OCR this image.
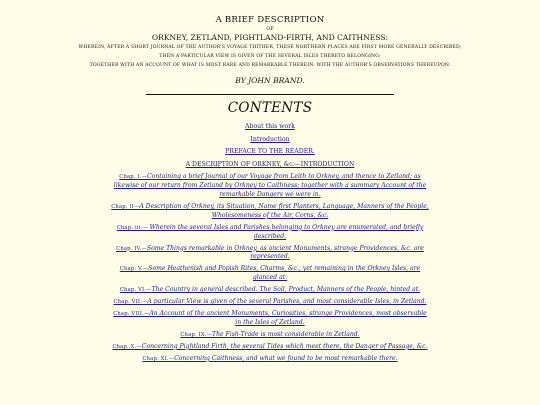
A BRIEF DESCRIPTION
OF
ORKNEY, ZETLAND, PIGHTLAND-FIRTH, AND CAITHNESS:
WHEREIN, AFTER A SHORT JOURNAL OF THE AUTHOR’S VOYAGE THITHER, THESE NORTHERN PLACES ARE FIRST MORE GENERALLY DESCRIBED;
THEN A PARTICULAR VIEW IS GIVEN OF THE SEVERAL ISLES THERETO BELONGING;
TOGETHER WITH AN ACCOUNT OF WHAT IS MOST RARE AND REMARKABLE THEREIN: WITH THE AUTHOR’S OBSERVATIONS THEREUPON.
BY JOHN BRAND.
CONTENTS
About this work
Introduction
PREFACE TO THE READER.
A DESCRIPTION OF ORKNEY, &c.—INTRODUCTION
Chap. I.—Containing a brief Journal of our Voyage from Leith to Orkney, and thence to Zetland; as likewise of our return from Zetland by Orkney to Caithness; together with a summary Account of the remarkable Dangers we were in.
Chap. II—A Description of Orkney, its Situation, Name first Planters, Language, Manners of the People, Wholesomeness of the Air, Corns, &c.
Chap. iii.— Wherein the several Isles and Parishes belonging to Orkney are enumerated, and briefly described.
Chap. IV.—Some Things remarkable in Orkney, as ancient Monuments, strange Providences, &c. are represented.
Chap. V.—Some Heathenish and Popish Rites, Charms, &c., yet remaining in the Orkney Isles, are glanced at.
Chap. VI.—The Country in general described. The Soil, Product, Manners of the People, hinted at.
Chap. VII.—A particular View is given of the several Parishes, and most considerable Isles, in Zetland.
Chap. VIII.—An Account of the ancient Monuments, Curiosities, strange Providences, most observable in the Isles of Zetland.
Chap. IX.—The Fish-Trade is most considerable in Zetland.
Chap. X.—Concerning Pightland Firth, the several Tides which meet there, the Danger of Passage, &c.
Chap. XI.—Concerning Caithness, and what we found to be most remarkable there.
